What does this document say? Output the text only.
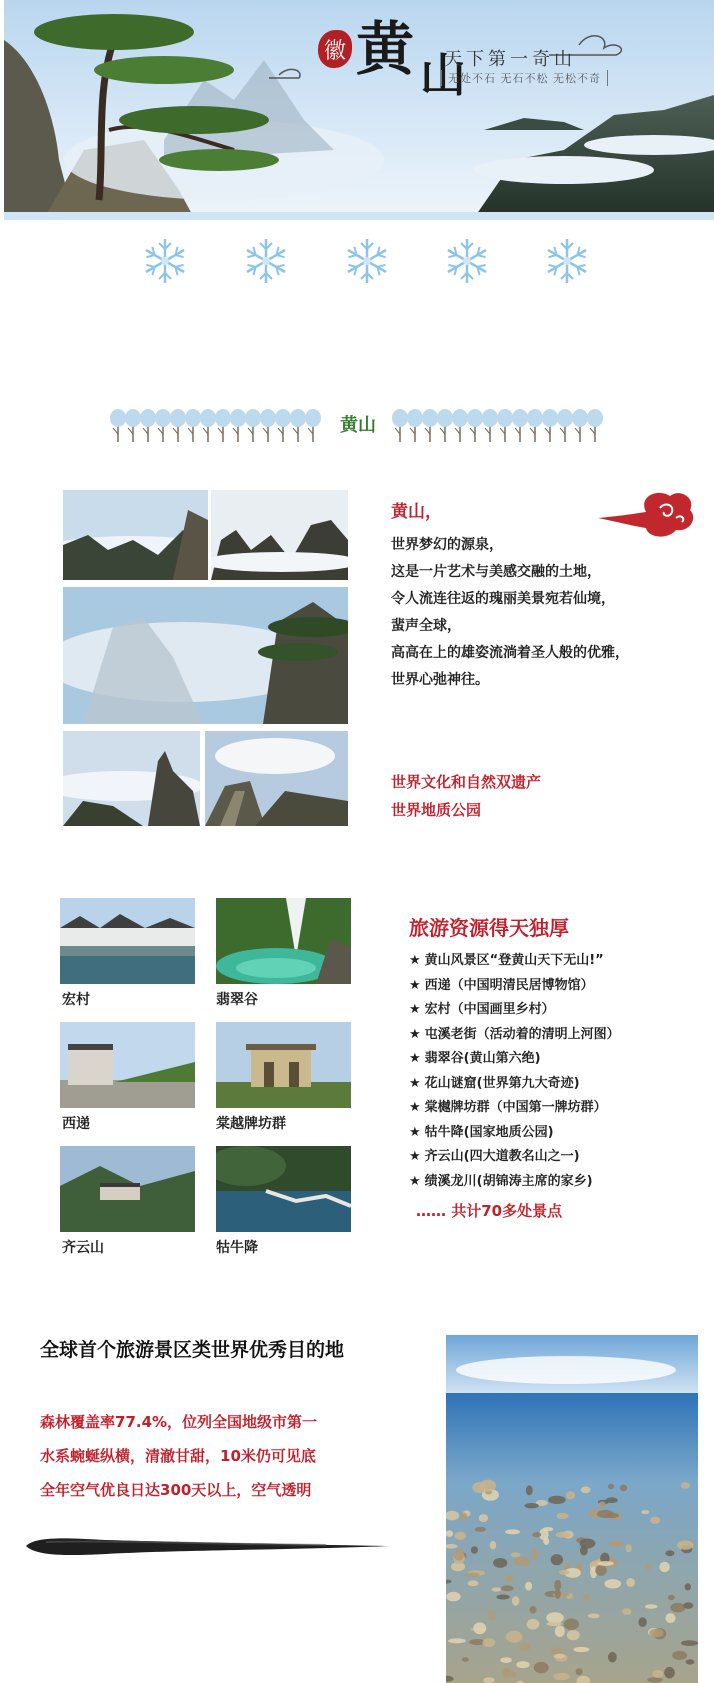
徽 黄$_山$
天下第一奇山
无处不石 无石不松 无松不奇
黄山
黄山，
世界梦幻的源泉，
这是一片艺术与美感交融的土地，
令人流连往返的瑰丽美景宛若仙境，
蜚声全球，
高高在上的雄姿流淌着圣人般的优雅，
世界心弛神往。
世界文化和自然双遗产
世界地质公园
宏村	翡翠谷
西递	棠越牌坊群
齐云山	牯牛降
旅游资源得天独厚
★ 黄山风景区“登黄山天下无山!”
★ 西递（中国明清民居博物馆）
★ 宏村（中国画里乡村）
★ 屯溪老街（活动着的清明上河图）
★ 翡翠谷(黄山第六绝)
★ 花山谜窟(世界第九大奇迹)
★ 棠樾牌坊群（中国第一牌坊群）
★ 牯牛降(国家地质公园)
★ 齐云山(四大道教名山之一)
★ 绩溪龙川(胡锦涛主席的家乡)
…… 共计70多处景点
全球首个旅游景区类世界优秀目的地
森林覆盖率77.4%，位列全国地级市第一
水系蜿蜒纵横，清澈甘甜，10米仍可见底
全年空气优良日达300天以上，空气透明
